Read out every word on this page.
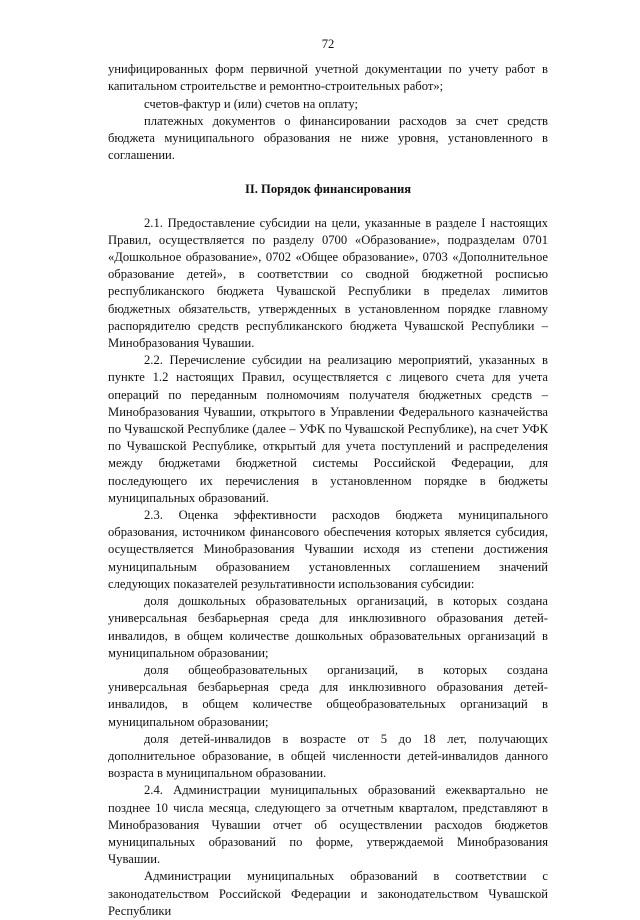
72

унифицированных форм первичной учетной документации по учету работ в капитальном строительстве и ремонтно-строительных работ»;

счетов-фактур и (или) счетов на оплату;

платежных документов о финансировании расходов за счет средств бюджета муниципального образования не ниже уровня, установленного в соглашении.

II. Порядок финансирования

2.1. Предоставление субсидии на цели, указанные в разделе I настоящих Правил, осуществляется по разделу 0700 «Образование», подразделам 0701 «Дошкольное образование», 0702 «Общее образование», 0703 «Дополнительное образование детей», в соответствии со сводной бюджетной росписью республиканского бюджета Чувашской Республики в пределах лимитов бюджетных обязательств, утвержденных в установленном порядке главному распорядителю средств республиканского бюджета Чувашской Республики – Минобразования Чувашии.

2.2. Перечисление субсидии на реализацию мероприятий, указанных в пункте 1.2 настоящих Правил, осуществляется с лицевого счета для учета операций по переданным полномочиям получателя бюджетных средств – Минобразования Чувашии, открытого в Управлении Федерального казначейства по Чувашской Республике (далее – УФК по Чувашской Республике), на счет УФК по Чувашской Республике, открытый для учета поступлений и распределения между бюджетами бюджетной системы Российской Федерации, для последующего их перечисления в установленном порядке в бюджеты муниципальных образований.

2.3. Оценка эффективности расходов бюджета муниципального образования, источником финансового обеспечения которых является субсидия, осуществляется Минобразования Чувашии исходя из степени достижения муниципальным образованием установленных соглашением значений следующих показателей результативности использования субсидии:

доля дошкольных образовательных организаций, в которых создана универсальная безбарьерная среда для инклюзивного образования детей-инвалидов, в общем количестве дошкольных образовательных организаций в муниципальном образовании;

доля общеобразовательных организаций, в которых создана универсальная безбарьерная среда для инклюзивного образования детей-инвалидов, в общем количестве общеобразовательных организаций в муниципальном образовании;

доля детей-инвалидов в возрасте от 5 до 18 лет, получающих дополнительное образование, в общей численности детей-инвалидов данного возраста в муниципальном образовании.

2.4. Администрации муниципальных образований ежеквартально не позднее 10 числа месяца, следующего за отчетным кварталом, представляют в Минобразования Чувашии отчет об осуществлении расходов бюджетов муниципальных образований по форме, утверждаемой Минобразования Чувашии.

Администрации муниципальных образований в соответствии с законодательством Российской Федерации и законодательством Чувашской Республики
